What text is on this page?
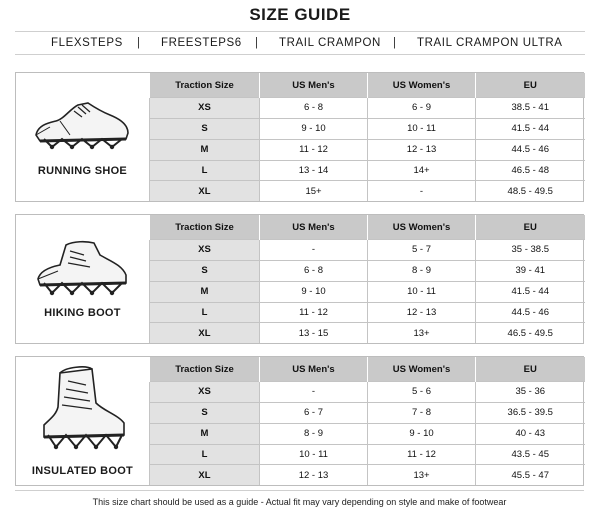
SIZE GUIDE
FLEXSTEPS | FREESTEPS6 | TRAIL CRAMPON | TRAIL CRAMPON ULTRA
RUNNING SHOE
Traction Size	US Men's	US Women's	EU
XS	6 - 8	6 - 9	38.5 - 41
S	9 - 10	10 - 11	41.5 - 44
M	11 - 12	12 - 13	44.5 - 46
L	13 - 14	14+	46.5 - 48
XL	15+	-	48.5 - 49.5
HIKING BOOT
Traction Size	US Men's	US Women's	EU
XS	-	5 - 7	35 - 38.5
S	6 - 8	8 - 9	39 - 41
M	9 - 10	10 - 11	41.5 - 44
L	11 - 12	12 - 13	44.5 - 46
XL	13 - 15	13+	46.5 - 49.5
INSULATED BOOT
Traction Size	US Men's	US Women's	EU
XS	-	5 - 6	35 - 36
S	6 - 7	7 - 8	36.5 - 39.5
M	8 - 9	9 - 10	40 - 43
L	10 - 11	11 - 12	43.5 - 45
XL	12 - 13	13+	45.5 - 47
This size chart should be used as a guide - Actual fit may vary depending on style and make of footwear
